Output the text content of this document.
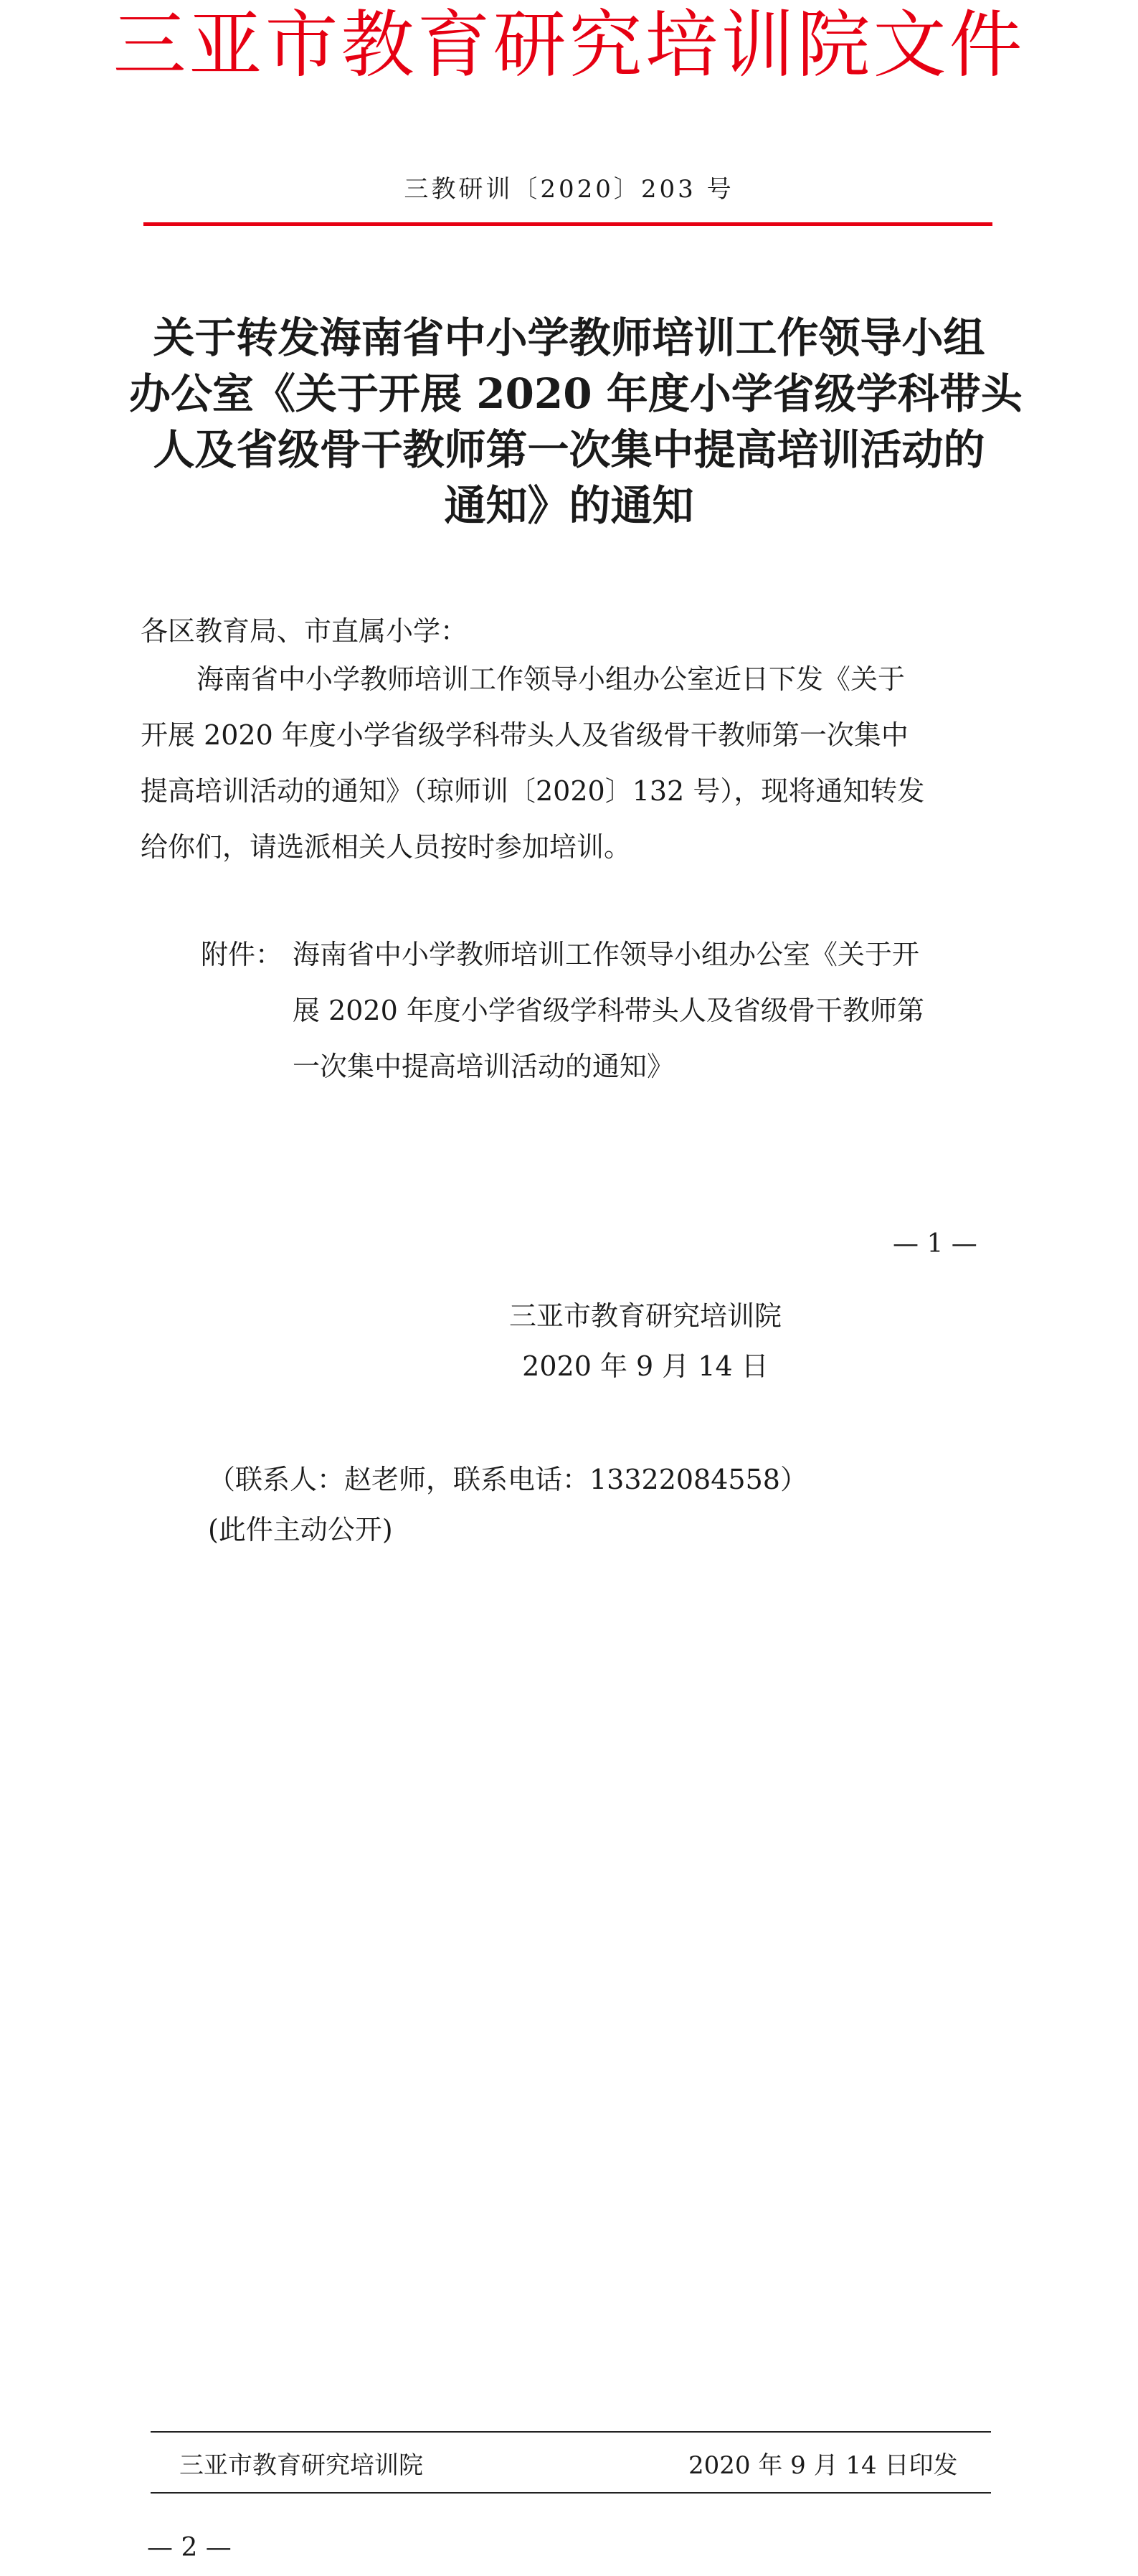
三亚市教育研究培训院文件
三教研训〔2020〕203 号
关于转发海南省中小学教师培训工作领导小组
办公室《关于开展 2020 年度小学省级学科带头
人及省级骨干教师第一次集中提高培训活动的
通知》的通知
各区教育局、市直属小学：
海南省中小学教师培训工作领导小组办公室近日下发《关于
开展 2020 年度小学省级学科带头人及省级骨干教师第一次集中
提高培训活动的通知》（琼师训〔2020〕132 号），现将通知转发
给你们，请选派相关人员按时参加培训。
附件： 海南省中小学教师培训工作领导小组办公室《关于开
展 2020 年度小学省级学科带头人及省级骨干教师第
一次集中提高培训活动的通知》
— 1 —
三亚市教育研究培训院
2020 年 9 月 14 日
（联系人：赵老师，联系电话：13322084558）
(此件主动公开)
三亚市教育研究培训院	2020 年 9 月 14 日印发
— 2 —
